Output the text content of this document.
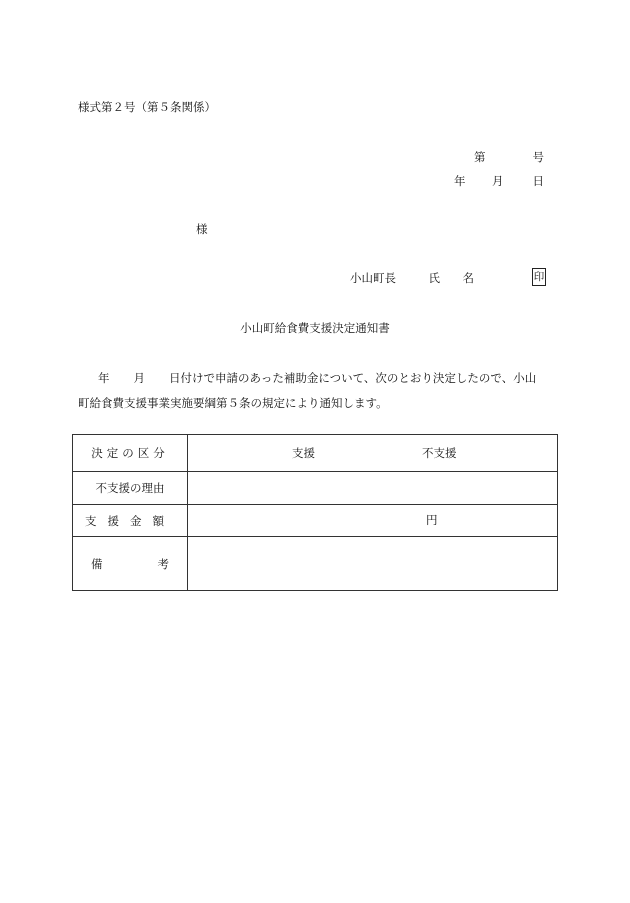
様式第２号（第５条関係）
第	号
年 月	日
様
小山町長	氏 名	印
小山町給食費支援決定通知書
年 月 日付けで申請のあった補助金について、次のとおり決定したので、小山
町給食費支援事業実施要綱第５条の規定により通知します。
決定の区分	支援 不支援

不支援の理由	
支援金額	円

備 考	
